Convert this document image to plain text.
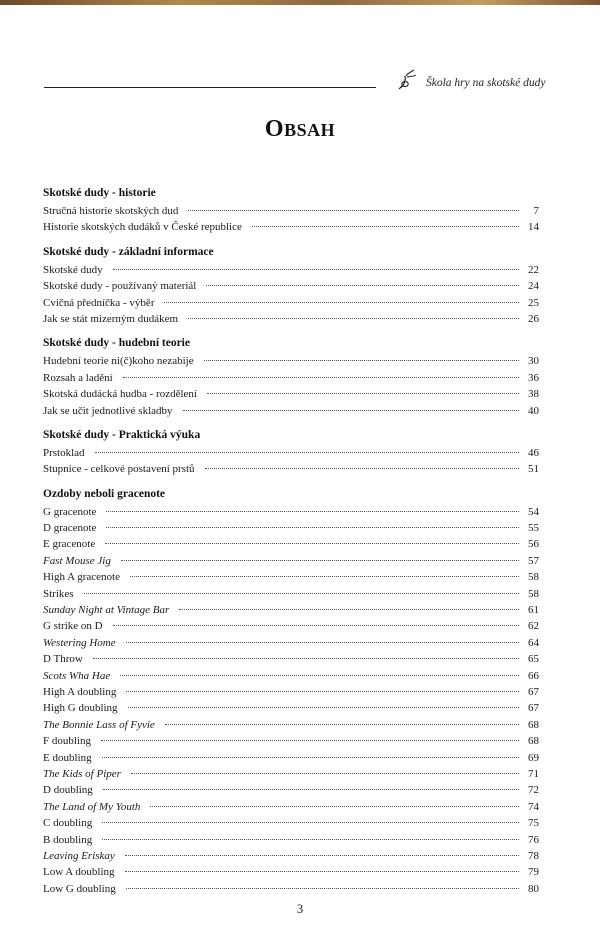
Škola hry na skotské dudy
OBSAH
Skotské dudy - historie
Stručná historie skotských dud	7
Historie skotských dudáků v České republice	14
Skotské dudy - základní informace
Skotské dudy	22
Skotské dudy - používaný materiál	24
Cvičná předníčka - výběr	25
Jak se stát mizerným dudákem	26
Skotské dudy - hudební teorie
Hudební teorie ni(č)koho nezabije	30
Rozsah a ladění	36
Skotská dudácká hudba - rozdělení	38
Jak se učit jednotlivé skladby	40
Skotské dudy - Praktická výuka
Prstoklad	46
Stupnice - celkové postavení prstů	51
Ozdoby neboli gracenote
G gracenote	54
D gracenote	55
E gracenote	56
Fast Mouse Jig	57
High A gracenote	58
Strikes	58
Sunday Night at Vintage Bar	61
G strike on D	62
Westering Home	64
D Throw	65
Scots Wha Hae	66
High A doubling	67
High G doubling	67
The Bonnie Lass of Fyvie	68
F doubling	68
E doubling	69
The Kids of Piper	71
D doubling	72
The Land of My Youth	74
C doubling	75
B doubling	76
Leaving Eriskay	78
Low A doubling	79
Low G doubling	80
3
